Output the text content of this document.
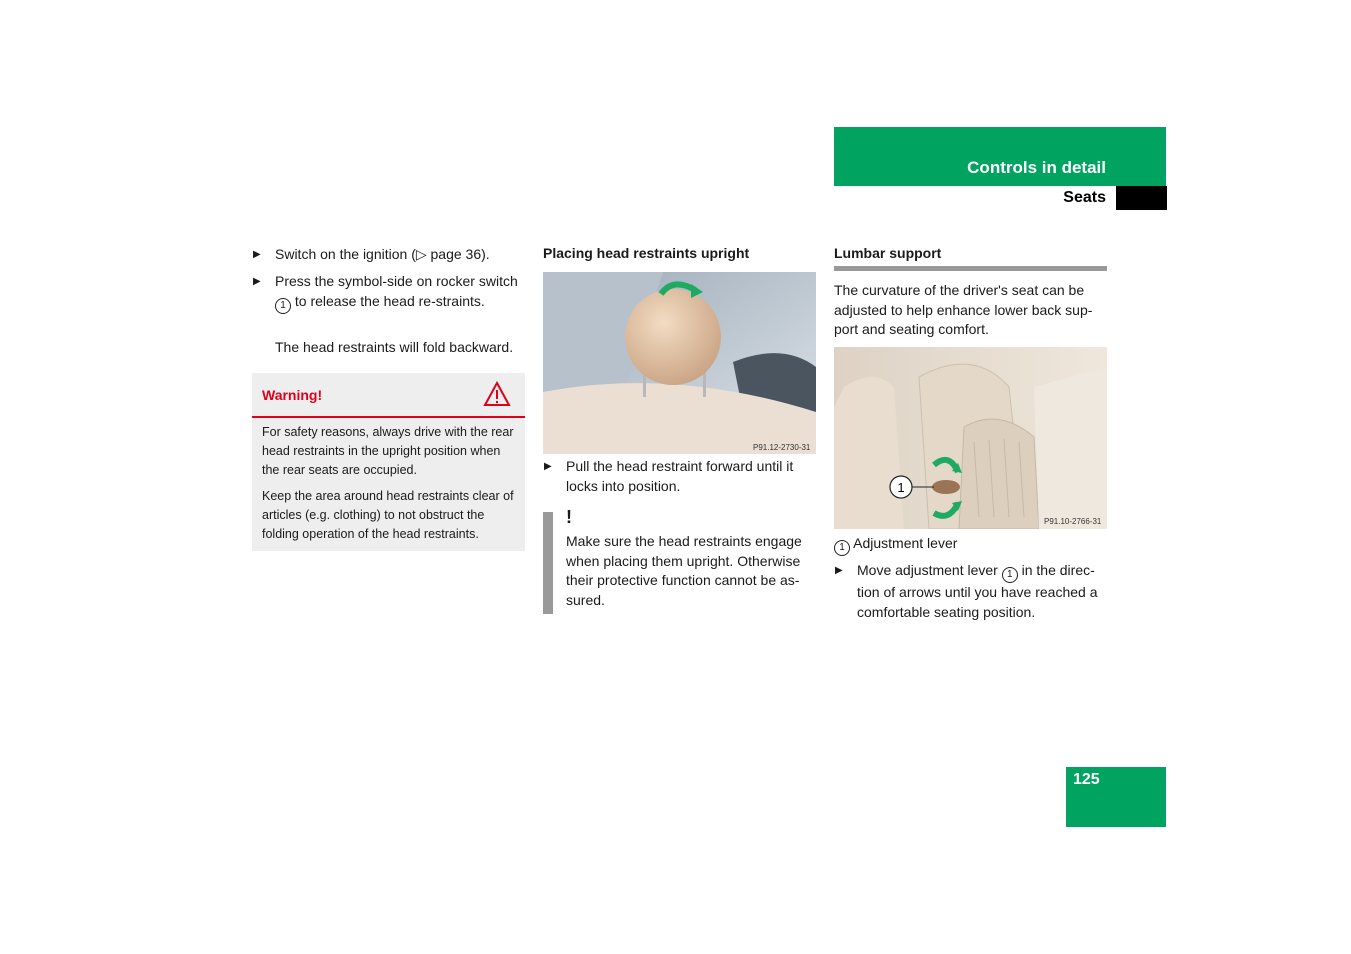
Controls in detail
Seats
▶ Switch on the ignition (▷ page 36).
▶ Press the symbol-side on rocker switch 1 to release the head re-straints.
The head restraints will fold backward.
Warning!
For safety reasons, always drive with the rear head restraints in the upright position when the rear seats are occupied.
Keep the area around head restraints clear of articles (e.g. clothing) to not obstruct the folding operation of the head restraints.
Placing head restraints upright
P91.12-2730-31
▶ Pull the head restraint forward until it locks into position.
!
Make sure the head restraints engage when placing them upright. Otherwise their protective function cannot be as-sured.
Lumbar support
The curvature of the driver's seat can be adjusted to help enhance lower back sup-port and seating comfort.
1
P91.10-2766-31
1 Adjustment lever
▶ Move adjustment lever 1 in the direc-tion of arrows until you have reached a comfortable seating position.
125
